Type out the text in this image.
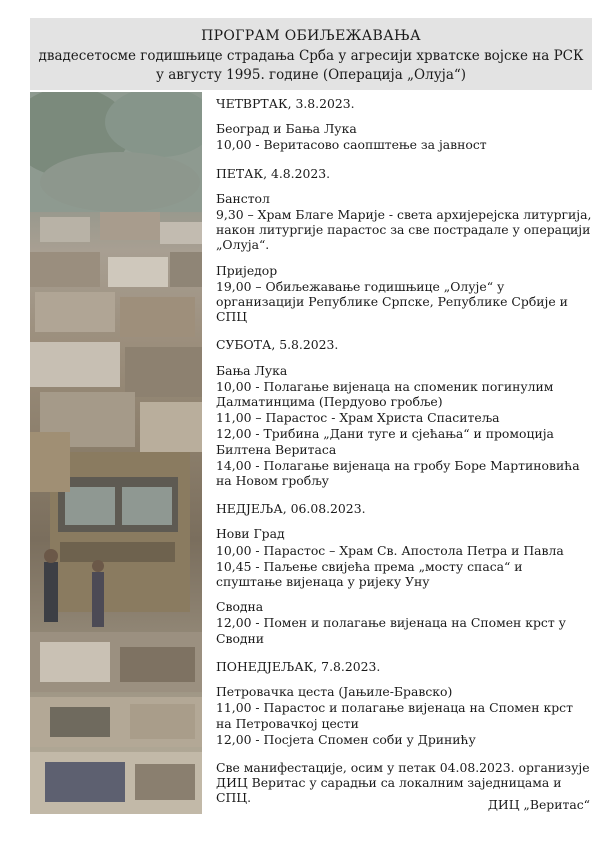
ПРОГРАМ ОБИЉЕЖАВАЊА
двадесетосме годишњице страдања Срба у агресији хрватске војске на РСК у августу 1995. године (Операција „Олуја“)
ЧЕТВРТАК, 3.8.2023.
Београд и Бања Лука
10,00 - Веритасово саопштење за јавност
ПЕТАК, 4.8.2023.
Банстол
9,30 – Храм Благе Марије - света архијерејска литургија, након литургије парастос за све пострадале у операцији „Олуја“.
Приједор
19,00 – Обиљежавање годишњице „Олује“ у организацији Републике Српске, Републике Србије и СПЦ
СУБОТА, 5.8.2023.
Бања Лука
10,00 - Полагање вијенаца на споменик погинулим Далматинцима (Пердуово гробље)
11,00 – Парастос - Храм Христа Спаситеља
12,00 - Трибина „Дани туге и сјећања“ и промоција Билтена Веритаса
14,00 - Полагање вијенаца на гробу Боре Мартиновића на Новом гробљу
НЕДЈЕЉА, 06.08.2023.
Нови Град
10,00 - Парастос – Храм Св. Апостола Петра и Павла
10,45 - Паљење свијећа према „мосту спаса“ и спуштање вијенаца у ријеку Уну
Сводна
12,00 - Помен и полагање вијенаца на Спомен крст у Сводни
ПОНЕДЈЕЉАК, 7.8.2023.
Петровачка цеста (Јањиле-Бравско)
11,00 - Парастос и полагање вијенаца на Спомен крст на Петровачкој цести
12,00 - Посјета Спомен соби у Дринићу
Све манифестације, осим у петак 04.08.2023. организује ДИЦ Веритас у сарадњи са локалним заједницама и СПЦ.	ДИЦ „Веритас“
